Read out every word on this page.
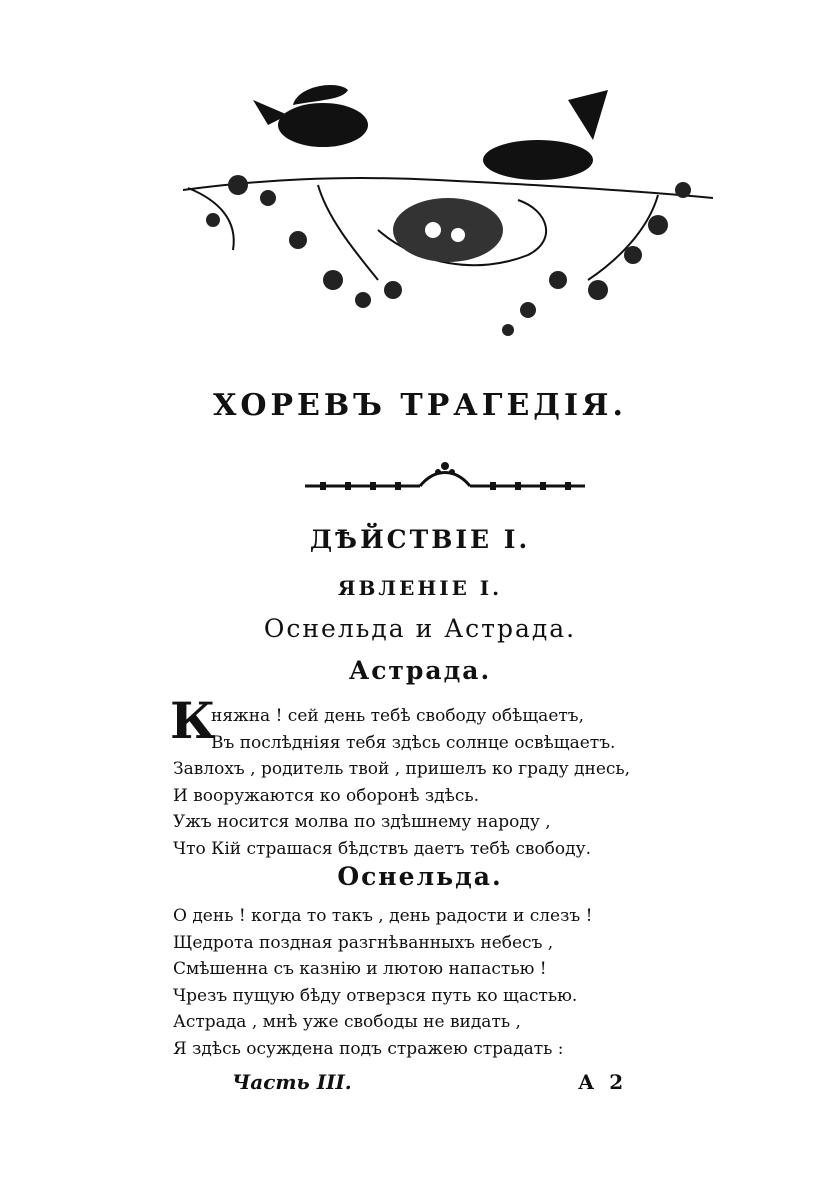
ХОРЕВЪ ТРАГЕДІЯ.
ДѢЙСТВІЕ І.
ЯВЛЕНІЕ І.
Оснельда и Астрада.
Астрада.
К
няжна ! сей день тебѣ свободу обѣщаетъ,
Въ послѣдніяя тебя здѣсь солнце освѣщаетъ.
Завлохъ , родитель твой , пришелъ ко граду днесь,
И вооружаются ко оборонѣ здѣсь.
Ужъ носится молва по здѣшнему народу ,
Что Кій страшася бѣдствъ даетъ тебѣ свободу.
Оснельда.
О день ! когда то такъ , день радости и слезъ !
Щедрота поздная разгнѣванныхъ небесъ ,
Смѣшенна съ казнію и лютою напастью !
Чрезъ пущую бѣду отверзся путь ко щастью.
Астрада , мнѣ уже свободы не видать ,
Я здѣсь осуждена подъ стражею страдать :
Часть III.	А 2
